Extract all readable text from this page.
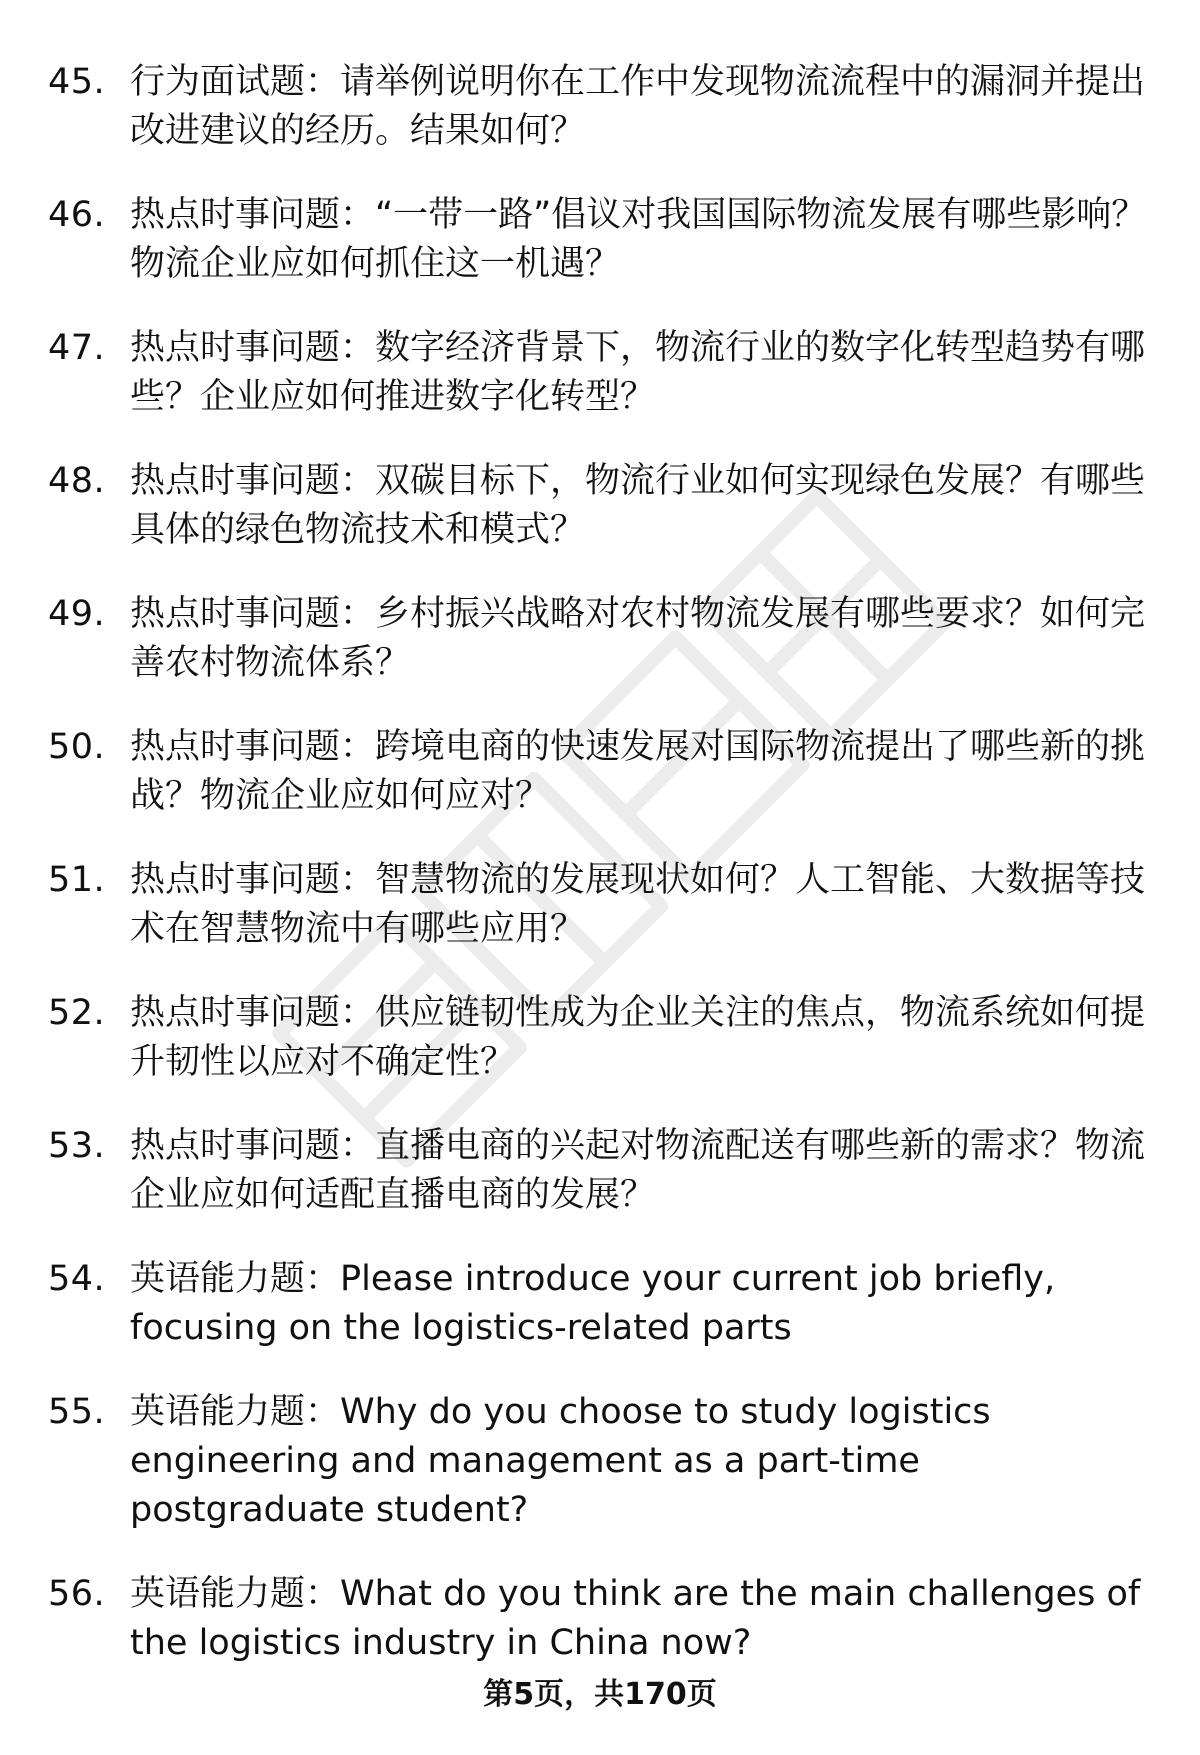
45. 行为面试题：请举例说明你在工作中发现物流流程中的漏洞并提出改进建议的经历。结果如何？
46. 热点时事问题：“一带一路”倡议对我国国际物流发展有哪些影响？物流企业应如何抓住这一机遇？
47. 热点时事问题：数字经济背景下，物流行业的数字化转型趋势有哪些？企业应如何推进数字化转型？
48. 热点时事问题：双碳目标下，物流行业如何实现绿色发展？有哪些具体的绿色物流技术和模式？
49. 热点时事问题：乡村振兴战略对农村物流发展有哪些要求？如何完善农村物流体系？
50. 热点时事问题：跨境电商的快速发展对国际物流提出了哪些新的挑战？物流企业应如何应对？
51. 热点时事问题：智慧物流的发展现状如何？人工智能、大数据等技术在智慧物流中有哪些应用？
52. 热点时事问题：供应链韧性成为企业关注的焦点，物流系统如何提升韧性以应对不确定性？
53. 热点时事问题：直播电商的兴起对物流配送有哪些新的需求？物流企业应如何适配直播电商的发展？
54. 英语能力题：Please introduce your current job briefly, focusing on the logistics-related parts
55. 英语能力题：Why do you choose to study logistics engineering and management as a part-time postgraduate student?
56. 英语能力题：What do you think are the main challenges of the logistics industry in China now?
第5页，共170页
